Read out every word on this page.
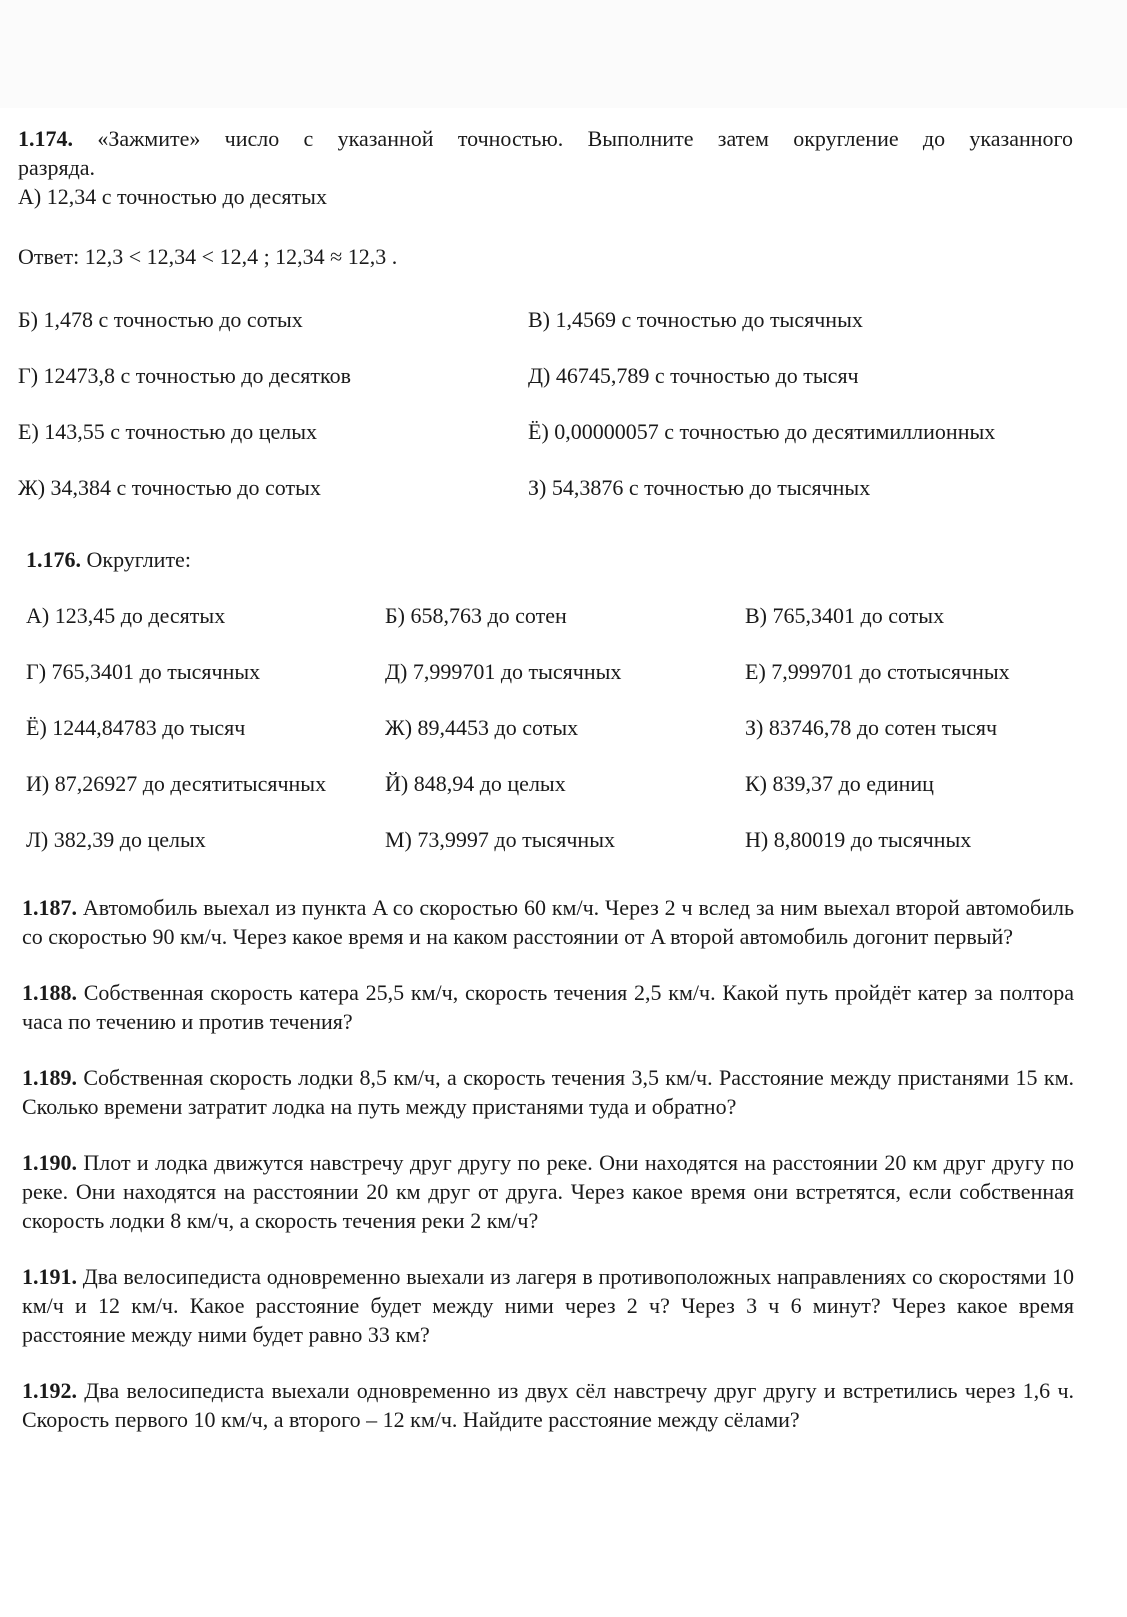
1.174. «Зажмите» число с указанной точностью. Выполните затем округление до указанного разряда.
А) 12,34 с точностью до десятых
Ответ: 12,3 < 12,34 < 12,4 ; 12,34 ≈ 12,3 .
Б) 1,478 с точностью до сотых	В) 1,4569 с точностью до тысячных
Г) 12473,8 с точностью до десятков	Д) 46745,789 с точностью до тысяч
Е) 143,55 с точностью до целых	Ё) 0,00000057 с точностью до десятимиллионных
Ж) 34,384 с точностью до сотых	З) 54,3876 с точностью до тысячных
1.176. Округлите:
А) 123,45 до десятых	Б) 658,763 до сотен	В) 765,3401 до сотых
Г) 765,3401 до тысячных	Д) 7,999701 до тысячных	Е) 7,999701 до стотысячных
Ё) 1244,84783 до тысяч	Ж) 89,4453 до сотых	З) 83746,78 до сотен тысяч
И) 87,26927 до десятитысячных	Й) 848,94 до целых	К) 839,37 до единиц
Л) 382,39 до целых	М) 73,9997 до тысячных	Н) 8,80019 до тысячных

1.187. Автомобиль выехал из пункта A со скоростью 60 км/ч. Через 2 ч вслед за ним выехал второй автомобиль со скоростью 90 км/ч. Через какое время и на каком расстоянии от A второй автомобиль догонит первый?

1.188. Собственная скорость катера 25,5 км/ч, скорость течения 2,5 км/ч. Какой путь пройдёт катер за полтора часа по течению и против течения?

1.189. Собственная скорость лодки 8,5 км/ч, а скорость течения 3,5 км/ч. Расстояние между пристанями 15 км. Сколько времени затратит лодка на путь между пристанями туда и обратно?

1.190. Плот и лодка движутся навстречу друг другу по реке. Они находятся на расстоянии 20 км друг другу по реке. Они находятся на расстоянии 20 км друг от друга. Через какое время они встретятся, если собственная скорость лодки 8 км/ч, а скорость течения реки 2 км/ч?

1.191. Два велосипедиста одновременно выехали из лагеря в противоположных направлениях со скоростями 10 км/ч и 12 км/ч. Какое расстояние будет между ними через 2 ч? Через 3 ч 6 минут? Через какое время расстояние между ними будет равно 33 км?

1.192. Два велосипедиста выехали одновременно из двух сёл навстречу друг другу и встретились через 1,6 ч. Скорость первого 10 км/ч, а второго – 12 км/ч. Найдите расстояние между сёлами?
